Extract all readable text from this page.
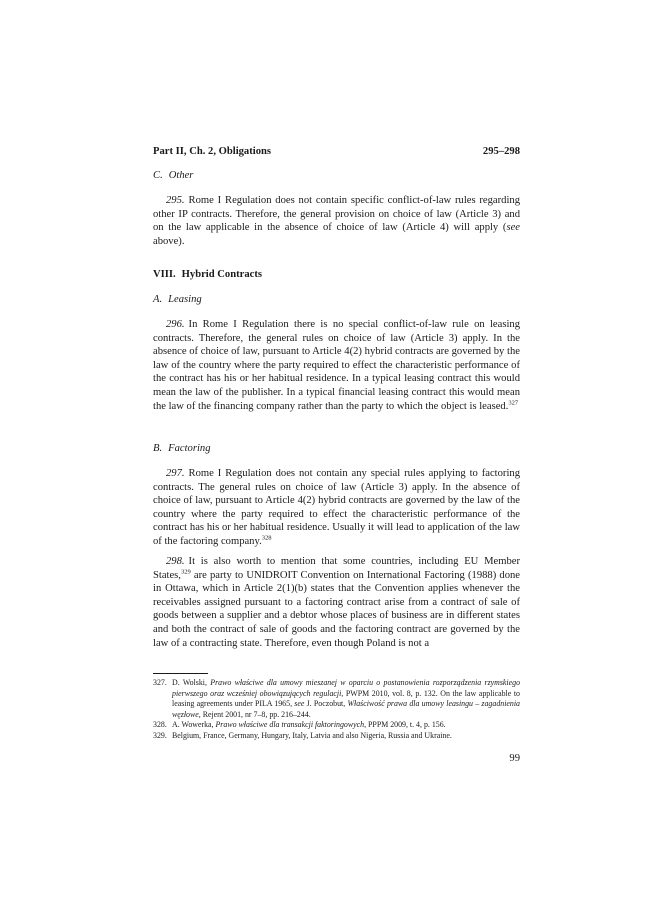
Part II, Ch. 2, Obligations	295–298
C. Other

295. Rome I Regulation does not contain specific conflict-of-law rules regarding other IP contracts. Therefore, the general provision on choice of law (Article 3) and on the law applicable in the absence of choice of law (Article 4) will apply (see above).

VIII. Hybrid Contracts
A. Leasing

296. In Rome I Regulation there is no special conflict-of-law rule on leasing contracts. Therefore, the general rules on choice of law (Article 3) apply. In the absence of choice of law, pursuant to Article 4(2) hybrid contracts are governed by the law of the country where the party required to effect the characteristic performance of the contract has his or her habitual residence. In a typical leasing contract this would mean the law of the publisher. In a typical financial leasing contract this would mean the law of the financing company rather than the party to which the object is leased.$^{327}$

B. Factoring

297. Rome I Regulation does not contain any special rules applying to factoring contracts. The general rules on choice of law (Article 3) apply. In the absence of choice of law, pursuant to Article 4(2) hybrid contracts are governed by the law of the country where the party required to effect the characteristic performance of the contract has his or her habitual residence. Usually it will lead to application of the law of the factoring company.$^{328}$

298. It is also worth to mention that some countries, including EU Member States,$^{329}$ are party to UNIDROIT Convention on International Factoring (1988) done in Ottawa, which in Article 2(1)(b) states that the Convention applies whenever the receivables assigned pursuant to a factoring contract arise from a contract of sale of goods between a supplier and a debtor whose places of business are in different states and both the contract of sale of goods and the factoring contract are governed by the law of a contracting state. Therefore, even though Poland is not a

327. D. Wolski, Prawo właściwe dla umowy mieszanej w oparciu o postanowienia rozporządzenia rzymskiego pierwszego oraz wcześniej obowiązujących regulacji, PWPM 2010, vol. 8, p. 132. On the law applicable to leasing agreements under PILA 1965, see J. Poczobut, Właściwość prawa dla umowy leasingu – zagadnienia węzłowe, Rejent 2001, nr 7–8, pp. 216–244.
328. A. Wowerka, Prawo właściwe dla transakcji faktoringowych, PPPM 2009, t. 4, p. 156.
329. Belgium, France, Germany, Hungary, Italy, Latvia and also Nigeria, Russia and Ukraine.
99
